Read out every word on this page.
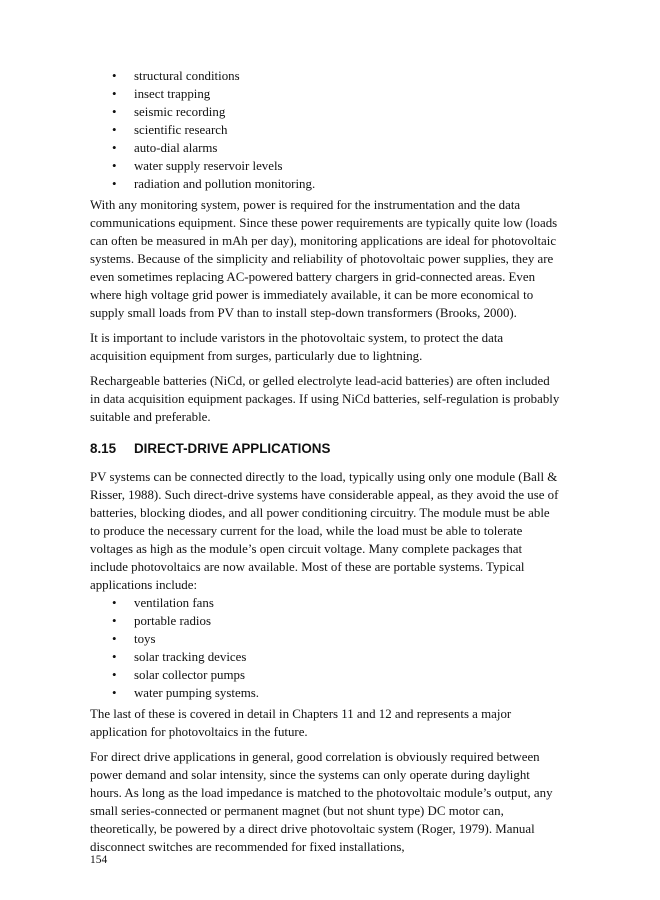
• structural conditions
• insect trapping
• seismic recording
• scientific research
• auto-dial alarms
• water supply reservoir levels
• radiation and pollution monitoring.

With any monitoring system, power is required for the instrumentation and the data communications equipment. Since these power requirements are typically quite low (loads can often be measured in mAh per day), monitoring applications are ideal for photovoltaic systems. Because of the simplicity and reliability of photovoltaic power supplies, they are even sometimes replacing AC-powered battery chargers in grid-connected areas. Even where high voltage grid power is immediately available, it can be more economical to supply small loads from PV than to install step-down transformers (Brooks, 2000).

It is important to include varistors in the photovoltaic system, to protect the data acquisition equipment from surges, particularly due to lightning.

Rechargeable batteries (NiCd, or gelled electrolyte lead-acid batteries) are often included in data acquisition equipment packages. If using NiCd batteries, self-regulation is probably suitable and preferable.

8.15 DIRECT-DRIVE APPLICATIONS

PV systems can be connected directly to the load, typically using only one module (Ball & Risser, 1988). Such direct-drive systems have considerable appeal, as they avoid the use of batteries, blocking diodes, and all power conditioning circuitry. The module must be able to produce the necessary current for the load, while the load must be able to tolerate voltages as high as the module’s open circuit voltage. Many complete packages that include photovoltaics are now available. Most of these are portable systems. Typical applications include:

• ventilation fans
• portable radios
• toys
• solar tracking devices
• solar collector pumps
• water pumping systems.

The last of these is covered in detail in Chapters 11 and 12 and represents a major application for photovoltaics in the future.

For direct drive applications in general, good correlation is obviously required between power demand and solar intensity, since the systems can only operate during daylight hours. As long as the load impedance is matched to the photovoltaic module’s output, any small series-connected or permanent magnet (but not shunt type) DC motor can, theoretically, be powered by a direct drive photovoltaic system (Roger, 1979). Manual disconnect switches are recommended for fixed installations,

154
